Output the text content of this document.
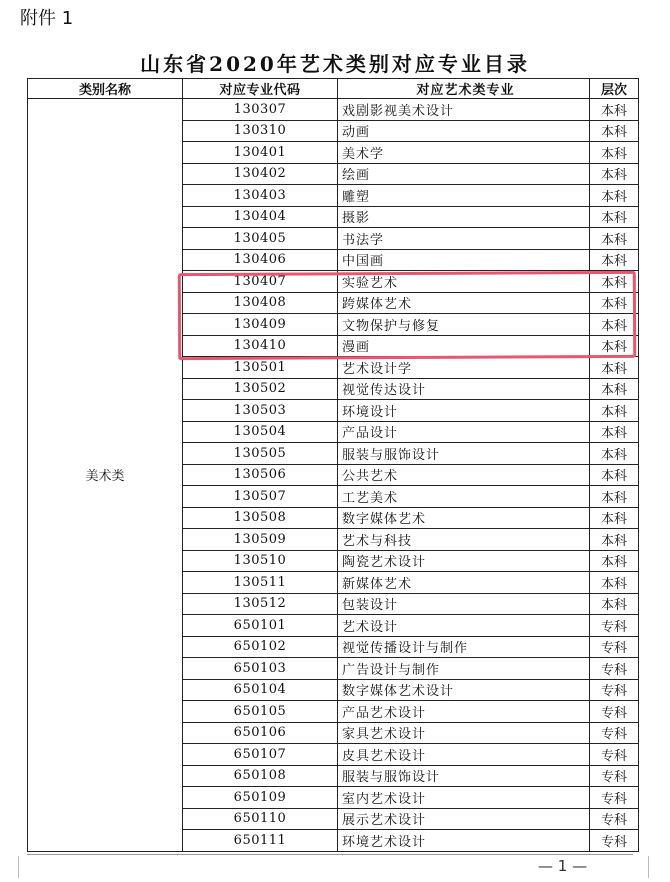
附件 1
山东省2020年艺术类别对应专业目录
类别名称	对应专业代码	对应艺术类专业	层次
美术类	130307	戏剧影视美术设计	本科
	130310	动画	本科
	130401	美术学	本科
	130402	绘画	本科
	130403	雕塑	本科
	130404	摄影	本科
	130405	书法学	本科
	130406	中国画	本科
	130407	实验艺术	本科
	130408	跨媒体艺术	本科
	130409	文物保护与修复	本科
	130410	漫画	本科
	130501	艺术设计学	本科
	130502	视觉传达设计	本科
	130503	环境设计	本科
	130504	产品设计	本科
	130505	服装与服饰设计	本科
	130506	公共艺术	本科
	130507	工艺美术	本科
	130508	数字媒体艺术	本科
	130509	艺术与科技	本科
	130510	陶瓷艺术设计	本科
	130511	新媒体艺术	本科
	130512	包装设计	本科
	650101	艺术设计	专科
	650102	视觉传播设计与制作	专科
	650103	广告设计与制作	专科
	650104	数字媒体艺术设计	专科
	650105	产品艺术设计	专科
	650106	家具艺术设计	专科
	650107	皮具艺术设计	专科
	650108	服装与服饰设计	专科
	650109	室内艺术设计	专科
	650110	展示艺术设计	专科
	650111	环境艺术设计	专科
— 1 —
